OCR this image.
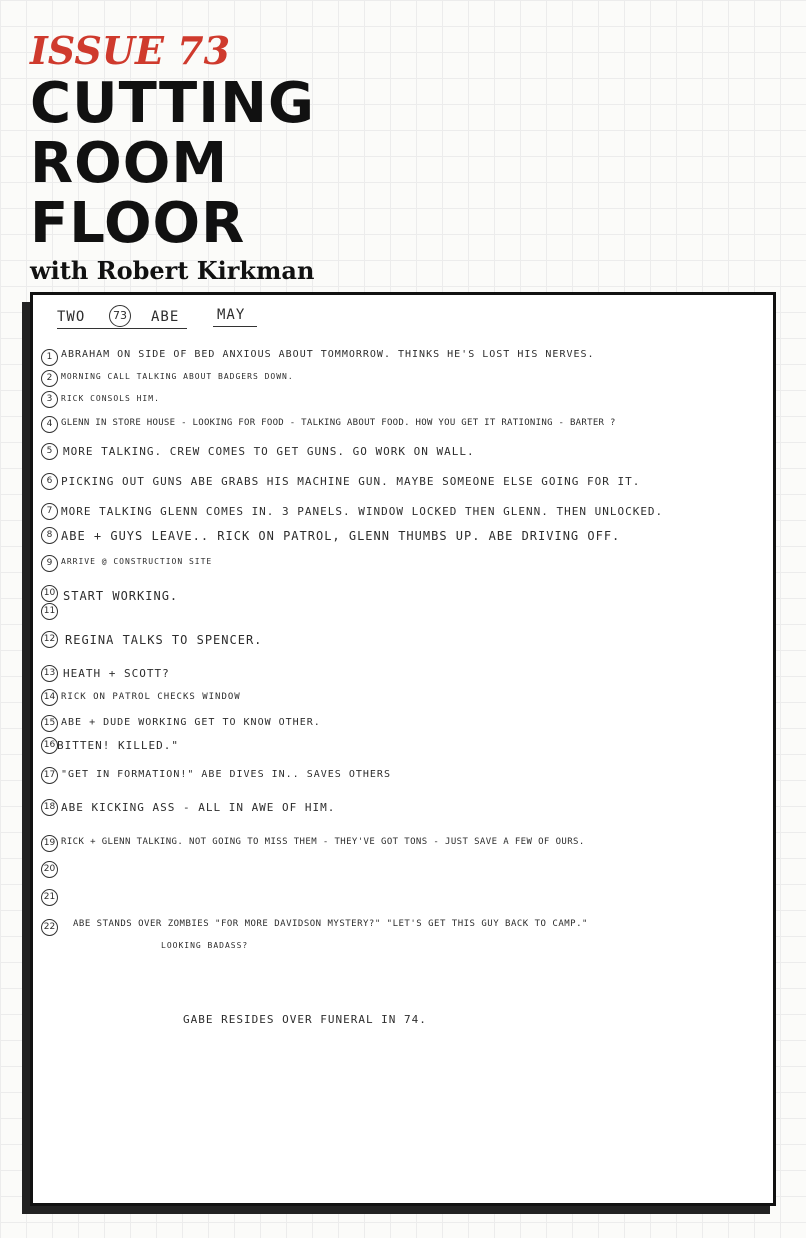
ISSUE 73
CUTTING
ROOM
FLOOR
with Robert Kirkman
TWO	73 ABE	MAY
1 ABRAHAM ON SIDE OF BED ANXIOUS ABOUT TOMMORROW. THINKS HE'S LOST HIS NERVES.
2	MORNING CALL TALKING ABOUT BADGERS DOWN.
3	RICK CONSOLS HIM.
4 GLENN IN STORE HOUSE - LOOKING FOR FOOD - TALKING ABOUT FOOD. HOW YOU GET IT RATIONING - BARTER ?
5 MORE TALKING. CREW COMES TO GET GUNS. GO WORK ON WALL.
6 PICKING OUT GUNS ABE GRABS HIS MACHINE GUN. MAYBE SOMEONE ELSE GOING FOR IT.
7 MORE TALKING GLENN COMES IN. 3 PANELS. WINDOW LOCKED THEN GLENN. THEN UNLOCKED.
8 ABE + GUYS LEAVE.. RICK ON PATROL, GLENN THUMBS UP. ABE DRIVING OFF.
9	ARRIVE @ CONSTRUCTION SITE
10 START WORKING.
11
12 REGINA TALKS TO SPENCER.
13 HEATH + SCOTT?
14 RICK ON PATROL CHECKS WINDOW
15 ABE + DUDE WORKING GET TO KNOW OTHER.
16 BITTEN! KILLED."
17 "GET IN FORMATION!" ABE DIVES IN.. SAVES OTHERS
18 ABE KICKING ASS - ALL IN AWE OF HIM.
19 RICK + GLENN TALKING. NOT GOING TO MISS THEM - THEY'VE GOT TONS - JUST SAVE A FEW OF OURS.
20
21
22	ABE STANDS OVER ZOMBIES "FOR MORE DAVIDSON MYSTERY?" "LET'S GET THIS GUY BACK TO CAMP."
LOOKING BADASS?
GABE RESIDES OVER FUNERAL IN 74.
